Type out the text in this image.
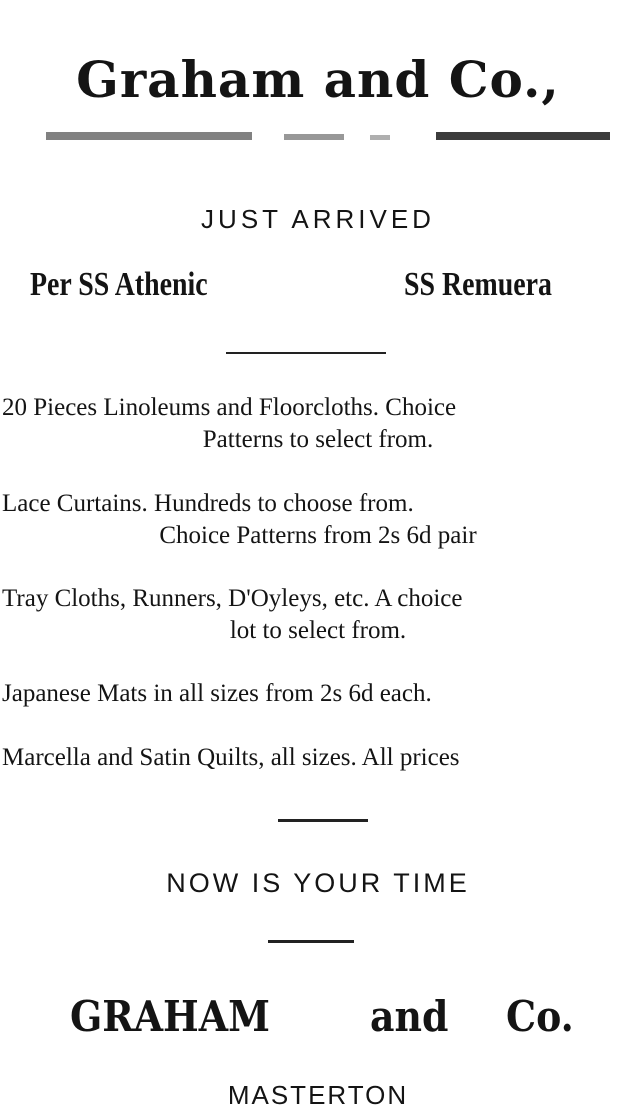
Graham and Co.,
JUST ARRIVED
Per SS Athenic	SS Remuera
20 Pieces Linoleums and Floorcloths. Choice
Patterns to select from.
Lace Curtains. Hundreds to choose from.
Choice Patterns from 2s 6d pair
Tray Cloths, Runners, D'Oyleys, etc. A choice
lot to select from.
Japanese Mats in all sizes from 2s 6d each.
Marcella and Satin Quilts, all sizes. All prices
NOW IS YOUR TIME
GRAHAM and Co.
MASTERTON
